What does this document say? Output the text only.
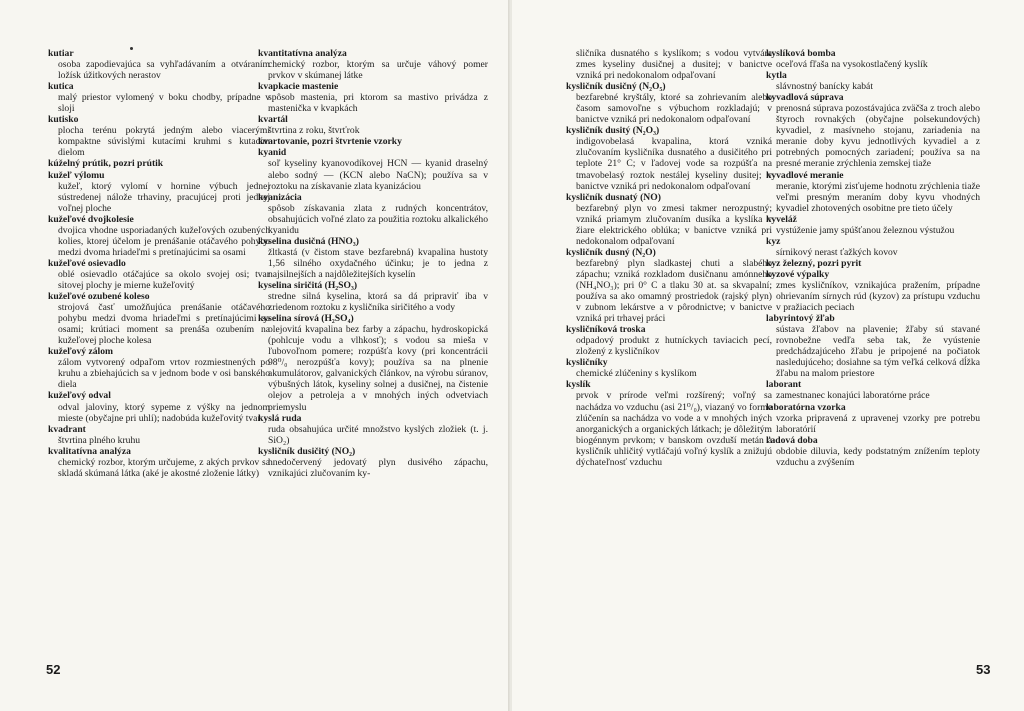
kutiar
osoba zapodievajúca sa vyhľadávaním a otváraním ložísk úžitkových nerastov
kutica
malý priestor vylomený v boku chodby, prípadne v sloji
kutisko
plocha terénu pokrytá jedným alebo viacerými kompaktne súvislými kutacími kruhmi s kutacím dielom
kúželný prútik, pozri prútik
kužeľ výlomu
kužeľ, ktorý vylomí v hornine výbuch jednej sústredenej nálože trhaviny, pracujúcej proti jednej voľnej ploche
kužeľové dvojkolesie
dvojica vhodne usporiadaných kužeľových ozubených kolies, ktorej účelom je prenášanie otáčavého pohybu medzi dvoma hriadeľmi s pretínajúcimi sa osami
kužeľové osievadlo
oblé osievadlo otáčajúce sa okolo svojej osi; tvar sitovej plochy je mierne kužeľovitý
kužeľové ozubené koleso
strojová časť umožňujúca prenášanie otáčavého pohybu medzi dvoma hriadeľmi s pretínajúcimi sa osami; krútiaci moment sa prenáša ozubením na kužeľovej ploche kolesa
kužeľový zálom
zálom vytvorený odpaľom vrtov rozmiestnených po kruhu a zbiehajúcich sa v jednom bode v osi banského diela
kužeľový odval
odval jaloviny, ktorý sypeme z výšky na jednom mieste (obyčajne pri uhlí); nadobúda kužeľovitý tvar
kvadrant
štvrtina plného kruhu
kvalitatívna analýza
chemický rozbor, ktorým určujeme, z akých prvkov sa skladá skúmaná látka (aké je akostné zloženie látky)
kvantitatívna analýza
chemický rozbor, ktorým sa určuje váhový pomer prvkov v skúmanej látke
kvapkacie mastenie
spôsob mastenia, pri ktorom sa mastivo privádza z mastenička v kvapkách
kvartál
štvrtina z roku, štvrťrok
kvartovanie, pozri štvrtenie vzorky
kyanid
soľ kyseliny kyanovodíkovej HCN — kyanid draselný alebo sodný — (KCN alebo NaCN); používa sa v roztoku na získavanie zlata kyanizáciou
kyanizácia
spôsob získavania zlata z rudných koncentrátov, obsahujúcich voľné zlato za použitia roztoku alkalického kyanidu
kyselina dusičná (HNO₃)
žltkastá (v čistom stave bezfarebná) kvapalina hustoty 1,56 silného oxydačného účinku; je to jedna z najsilnejších a najdôležitejších kyselín
kyselina siričitá (H₂SO₃)
stredne silná kyselina, ktorá sa dá pripraviť iba v zriedenom roztoku z kysličníka siričitého a vody
kyselina sírová (H₂SO₄)
olejovitá kvapalina bez farby a zápachu, hydroskopická (pohlcuje vodu a vlhkosť); s vodou sa mieša v ľubovoľnom pomere; rozpúšťa kovy (pri koncentrácii 98⁰/₀ nerozpúšťa kovy); používa sa na plnenie akumulátorov, galvanických článkov, na výrobu súranov, výbušných látok, kyseliny solnej a dusičnej, na čistenie olejov a petroleja a v mnohých iných odvetviach priemyslu
kyslá ruda
ruda obsahujúca určité množstvo kyslých zložiek (t. j. SiO₂)
kysličník dusičitý (NO₂)
hnedočervený jedovatý plyn dusivého zápachu, vznikajúci zlučovaním ky-
52
sličníka dusnatého s kyslíkom; s vodou vytvára zmes kyseliny dusičnej a dusitej; v banictve vzniká pri nedokonalom odpaľovaní
kysličník dusičný (N₂O₅)
bezfarebné kryštály, ktoré sa zohrievaním alebo časom samovoľne s výbuchom rozkladajú; v banictve vzniká pri nedokonalom odpaľovaní
kysličník dusitý (N₂O₃)
indigovobelasá kvapalina, ktorá vzniká zlučovaním kysličníka dusnatého a dusičitého pri teplote 21° C; v ľadovej vode sa rozpúšťa na tmavobelasý roztok nestálej kyseliny dusitej; v banictve vzniká pri nedokonalom odpaľovaní
kysličník dusnatý (NO)
bezfarebný plyn vo zmesi takmer nerozpustný; vzniká priamym zlučovaním dusíka a kyslíka v žiare elektrického oblúka; v banictve vzniká pri nedokonalom odpaľovaní
kysličník dusný (N₂O)
bezfarebný plyn sladkastej chuti a slabého zápachu; vzniká rozkladom dusičnanu amónneho (NH₄NO₃); pri 0° C a tlaku 30 at. sa skvapalní; používa sa ako omamný prostriedok (rajský plyn) v zubnom lekárstve a v pôrodnictve; v banictve vzniká pri trhavej práci
kysličníková troska
odpadový produkt z hutníckych taviacich pecí, zložený z kysličníkov
kysličníky
chemické zlúčeniny s kyslíkom
kyslík
prvok v prírode veľmi rozšírený; voľný sa nachádza vo vzduchu (asi 21⁰/₀), viazaný vo forme zlúčenín sa nachádza vo vode a v mnohých iných anorganických a organických látkach; je dôležitým biogénnym prvkom; v banskom ovzduší metán a kysličník uhličitý vytláčajú voľný kyslík a znižujú dýchateľnosť vzduchu
kyslíková bomba
oceľová fľaša na vysokostlačený kyslík
kytla
slávnostný banícky kabát
kyvadlová súprava
prenosná súprava pozostávajúca zväčša z troch alebo štyroch rovnakých (obyčajne polsekundových) kyvadiel, z masívneho stojanu, zariadenia na meranie doby kyvu jednotlivých kyvadiel a z potrebných pomocných zariadení; používa sa na presné meranie zrýchlenia zemskej tiaže
kyvadlové meranie
meranie, ktorými zisťujeme hodnotu zrýchlenia tiaže veľmi presným meraním doby kyvu vhodných kyvadiel zhotovených osobitne pre tieto účely
kyveláž
vystúženie jamy spúšťanou železnou výstužou
kyz
sírnikový nerast ťažkých kovov
kyz železný, pozri pyrit
kyzové výpalky
zmes kysličníkov, vznikajúca pražením, prípadne ohrievaním sírnych rúd (kyzov) za prístupu vzduchu v pražiacich peciach
labyrintový žľab
sústava žľabov na plavenie; žľaby sú stavané rovnobežne vedľa seba tak, že vyústenie predchádzajúceho žľabu je pripojené na počiatok nasledujúceho; dosiahne sa tým veľká celková dĺžka žľabu na malom priestore
laborant
zamestnanec konajúci laboratórne práce
laboratórna vzorka
vzorka pripravená z upravenej vzorky pre potrebu laboratórií
ľadová doba
obdobie diluvia, kedy podstatným znížením teploty vzduchu a zvýšením
53
